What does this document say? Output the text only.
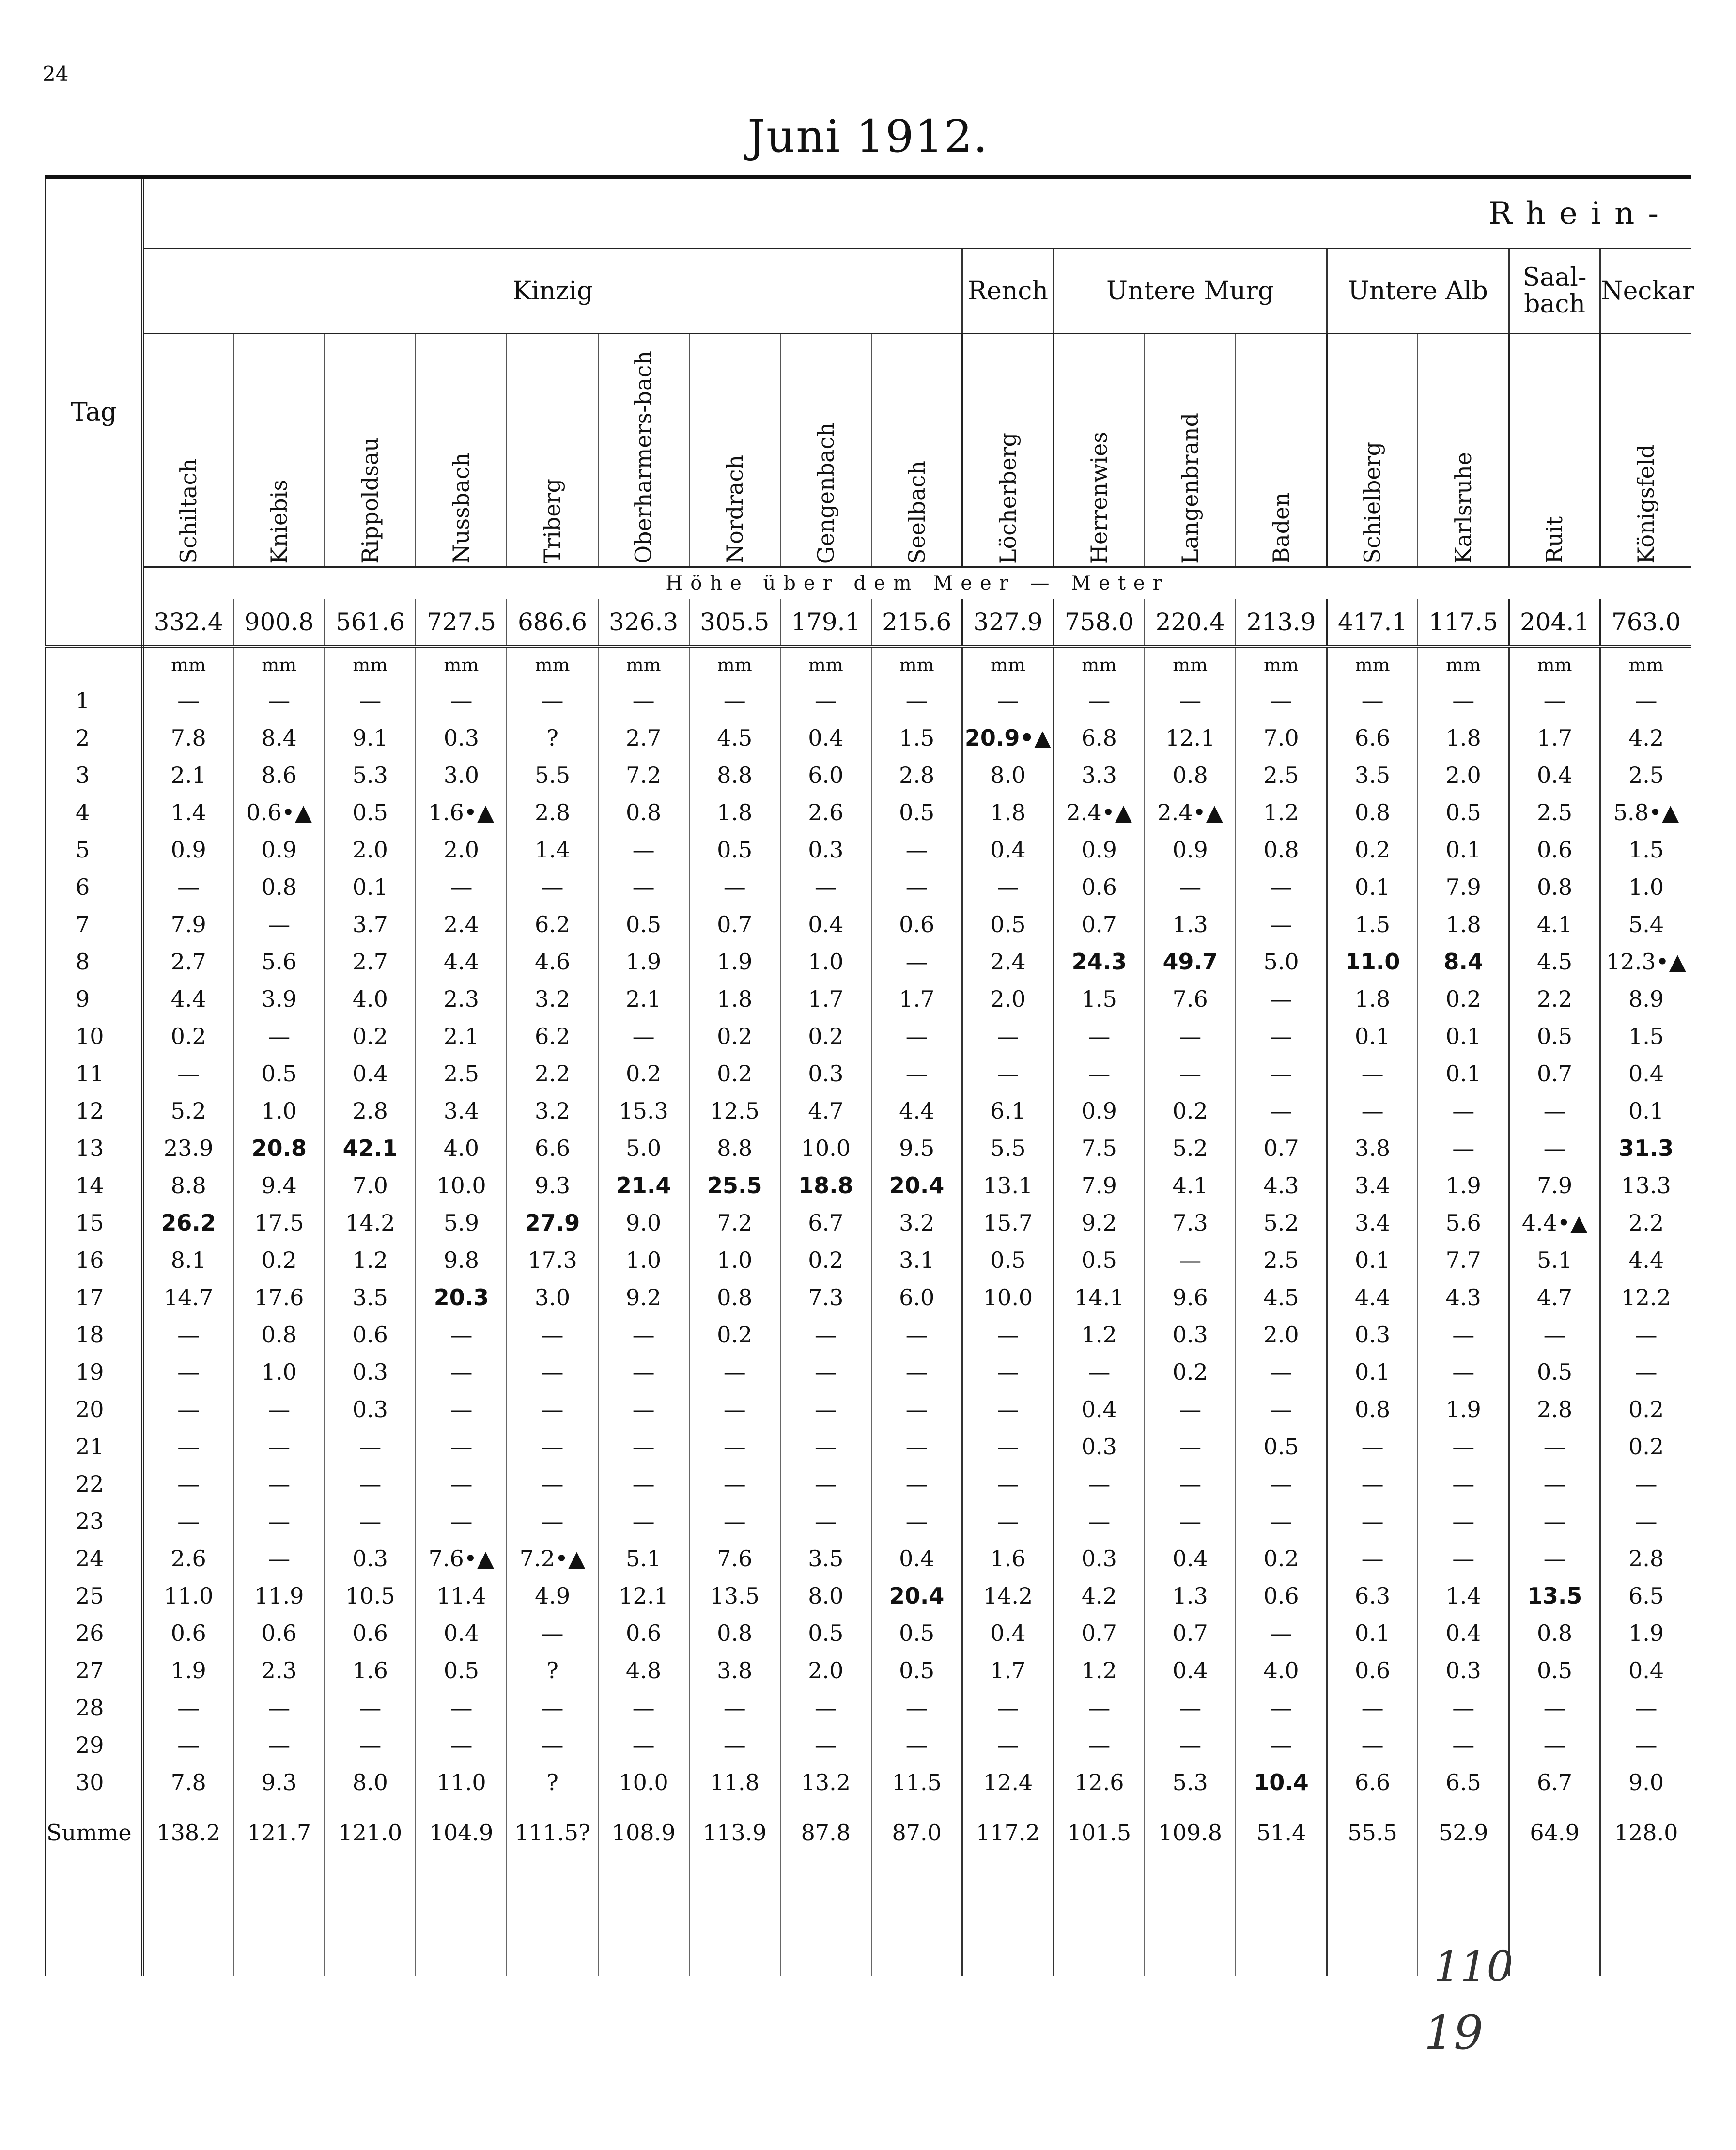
24
Juni 1912.
Tag	Rhein-																
	Kinzig									Rench	Untere Murg			Untere Alb		Saal-bach	Neckar
	Schiltach	Kniebis	Rippoldsau	Nussbach	Triberg	Oberharmers-bach	Nordrach	Gengenbach	Seelbach	Löcherberg	Herrenwies	Langenbrand	Baden	Schielberg	Karlsruhe	Ruit	Königsfeld
	Höhe über dem Meer — Meter																
	332.4	900.8	561.6	727.5	686.6	326.3	305.5	179.1	215.6	327.9	758.0	220.4	213.9	417.1	117.5	204.1	763.0
	mm	mm	mm	mm	mm	mm	mm	mm	mm	mm	mm	mm	mm	mm	mm	mm	mm
1	—	—	—	—	—	—	—	—	—	—	—	—	—	—	—	—	—
2	7.8	8.4	9.1	0.3	?	2.7	4.5	0.4	1.5	20.9•▲	6.8	12.1	7.0	6.6	1.8	1.7	4.2
3	2.1	8.6	5.3	3.0	5.5	7.2	8.8	6.0	2.8	8.0	3.3	0.8	2.5	3.5	2.0	0.4	2.5
4	1.4	0.6•▲	0.5	1.6•▲	2.8	0.8	1.8	2.6	0.5	1.8	2.4•▲	2.4•▲	1.2	0.8	0.5	2.5	5.8•▲
5	0.9	0.9	2.0	2.0	1.4	—	0.5	0.3	—	0.4	0.9	0.9	0.8	0.2	0.1	0.6	1.5
6	—	0.8	0.1	—	—	—	—	—	—	—	0.6	—	—	0.1	7.9	0.8	1.0
7	7.9	—	3.7	2.4	6.2	0.5	0.7	0.4	0.6	0.5	0.7	1.3	—	1.5	1.8	4.1	5.4
8	2.7	5.6	2.7	4.4	4.6	1.9	1.9	1.0	—	2.4	24.3	49.7	5.0	11.0	8.4	4.5	12.3•▲
9	4.4	3.9	4.0	2.3	3.2	2.1	1.8	1.7	1.7	2.0	1.5	7.6	—	1.8	0.2	2.2	8.9
10	0.2	—	0.2	2.1	6.2	—	0.2	0.2	—	—	—	—	—	0.1	0.1	0.5	1.5
11	—	0.5	0.4	2.5	2.2	0.2	0.2	0.3	—	—	—	—	—	—	0.1	0.7	0.4
12	5.2	1.0	2.8	3.4	3.2	15.3	12.5	4.7	4.4	6.1	0.9	0.2	—	—	—	—	0.1
13	23.9	20.8	42.1	4.0	6.6	5.0	8.8	10.0	9.5	5.5	7.5	5.2	0.7	3.8	—	—	31.3
14	8.8	9.4	7.0	10.0	9.3	21.4	25.5	18.8	20.4	13.1	7.9	4.1	4.3	3.4	1.9	7.9	13.3
15	26.2	17.5	14.2	5.9	27.9	9.0	7.2	6.7	3.2	15.7	9.2	7.3	5.2	3.4	5.6	4.4•▲	2.2
16	8.1	0.2	1.2	9.8	17.3	1.0	1.0	0.2	3.1	0.5	0.5	—	2.5	0.1	7.7	5.1	4.4
17	14.7	17.6	3.5	20.3	3.0	9.2	0.8	7.3	6.0	10.0	14.1	9.6	4.5	4.4	4.3	4.7	12.2
18	—	0.8	0.6	—	—	—	0.2	—	—	—	1.2	0.3	2.0	0.3	—	—	—
19	—	1.0	0.3	—	—	—	—	—	—	—	—	0.2	—	0.1	—	0.5	—
20	—	—	0.3	—	—	—	—	—	—	—	0.4	—	—	0.8	1.9	2.8	0.2
21	—	—	—	—	—	—	—	—	—	—	0.3	—	0.5	—	—	—	0.2
22	—	—	—	—	—	—	—	—	—	—	—	—	—	—	—	—	—
23	—	—	—	—	—	—	—	—	—	—	—	—	—	—	—	—	—
24	2.6	—	0.3	7.6•▲	7.2•▲	5.1	7.6	3.5	0.4	1.6	0.3	0.4	0.2	—	—	—	2.8
25	11.0	11.9	10.5	11.4	4.9	12.1	13.5	8.0	20.4	14.2	4.2	1.3	0.6	6.3	1.4	13.5	6.5
26	0.6	0.6	0.6	0.4	—	0.6	0.8	0.5	0.5	0.4	0.7	0.7	—	0.1	0.4	0.8	1.9
27	1.9	2.3	1.6	0.5	?	4.8	3.8	2.0	0.5	1.7	1.2	0.4	4.0	0.6	0.3	0.5	0.4
28	—	—	—	—	—	—	—	—	—	—	—	—	—	—	—	—	—
29	—	—	—	—	—	—	—	—	—	—	—	—	—	—	—	—	—
30	7.8	9.3	8.0	11.0	?	10.0	11.8	13.2	11.5	12.4	12.6	5.3	10.4	6.6	6.5	6.7	9.0
Summe	138.2	121.7	121.0	104.9	111.5?	108.9	113.9	87.8	87.0	117.2	101.5	109.8	51.4	55.5	52.9	64.9	128.0

110
19
